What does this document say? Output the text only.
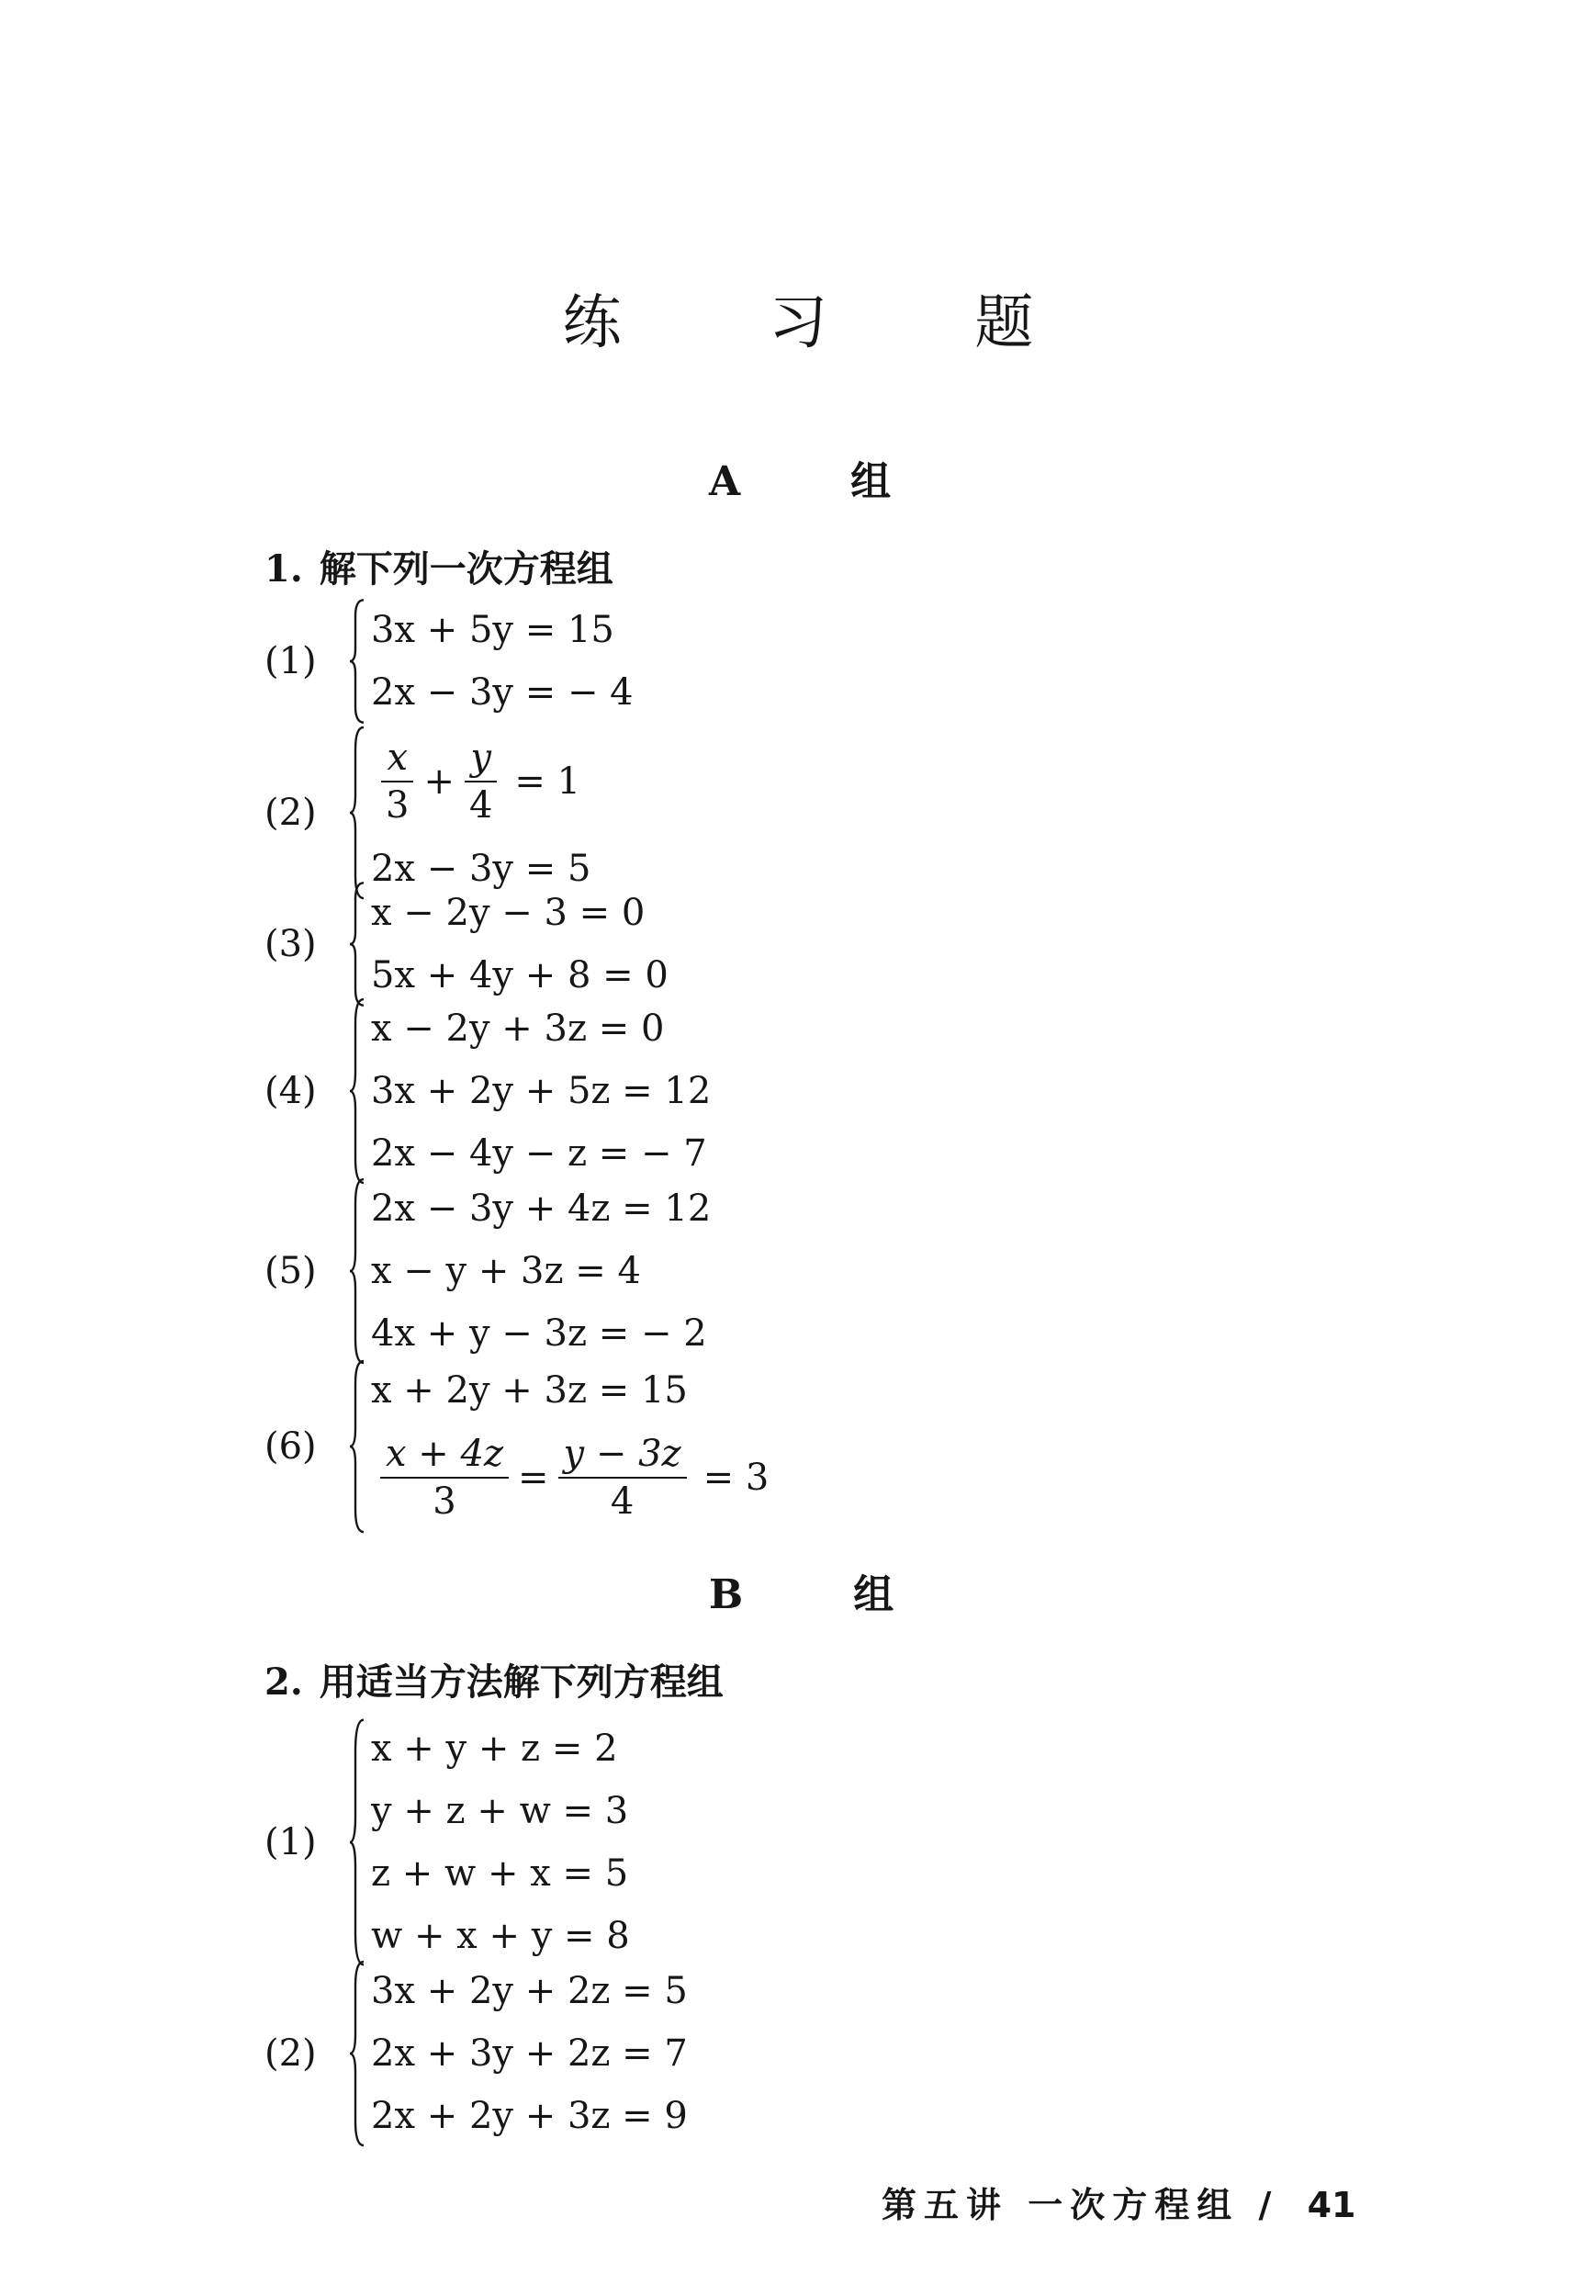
练 习 题
A	组
1. 解下列一次方程组
(1)
3x + 5y = 15
2x − 3y = − 4
(2)	$\frac{x}{3} + \frac{y}{4} = 1$
2x − 3y = 5
(3)
x − 2y − 3 = 0
5x + 4y + 8 = 0
(4)
x − 2y + 3z = 0
3x + 2y + 5z = 12
2x − 4y − z = − 7
(5)
2x − 3y + 4z = 12
x − y + 3z = 4
4x + y − 3z = − 2
(6)
x + 2y + 3z = 15
$\frac{x + 4z}{3} = \frac{y - 3z}{4} = 3$
B	组
2. 用适当方法解下列方程组
(1)
x + y + z = 2
y + z + w = 3
z + w + x = 5
w + x + y = 8
(2)
3x + 2y + 2z = 5
2x + 3y + 2z = 7
2x + 2y + 3z = 9
第五讲 一次方程组 / 41
